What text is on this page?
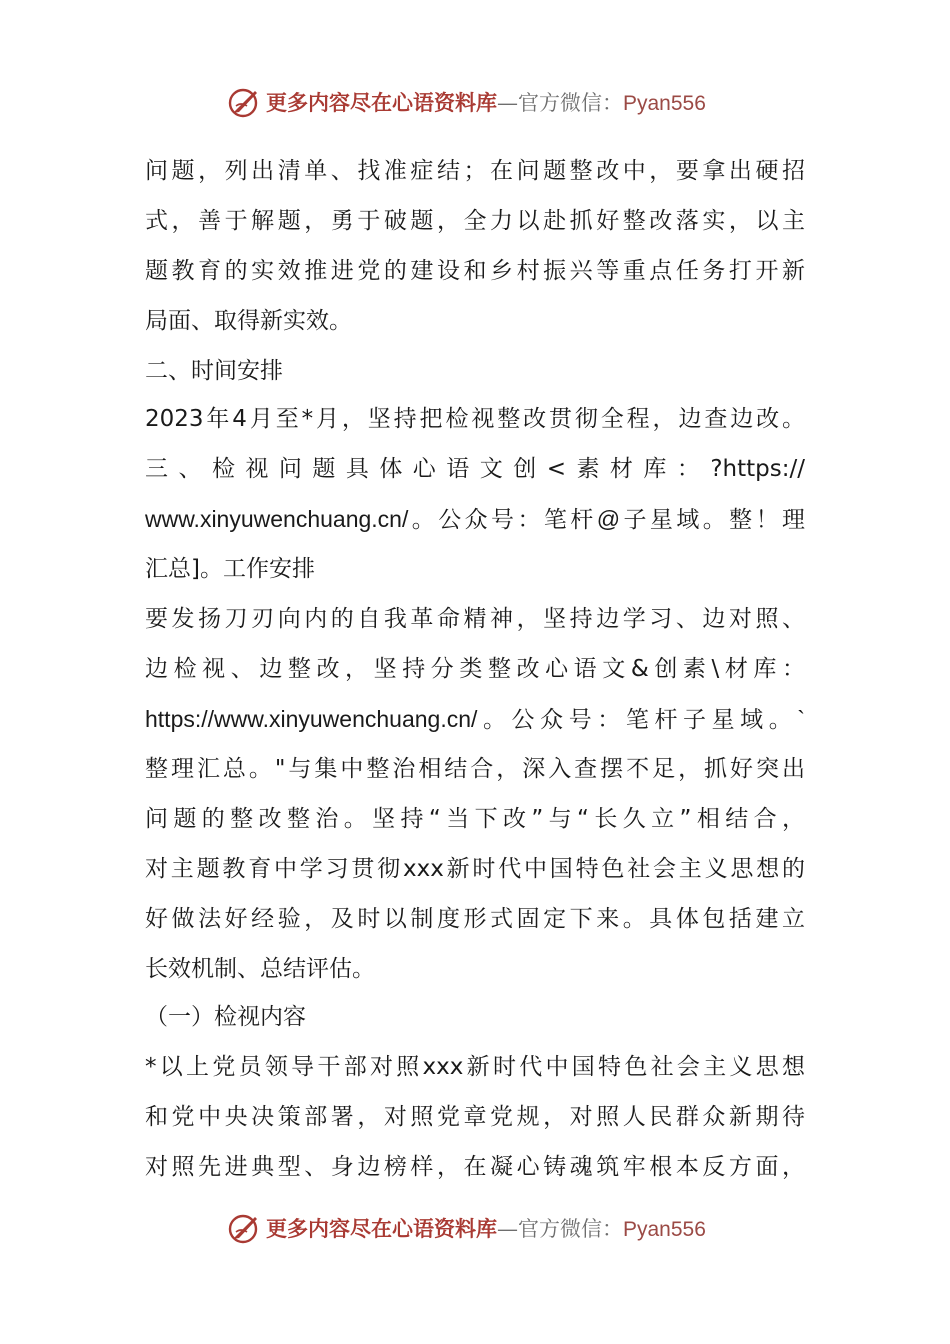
更多内容尽在心语资料库—官方微信：Pyan556
问题，列出清单、找准症结；在问题整改中，要拿出硬招
式，善于解题，勇于破题，全力以赴抓好整改落实，以主
题教育的实效推进党的建设和乡村振兴等重点任务打开新
局面、取得新实效。
二、时间安排
2023年4月至*月，坚持把检视整改贯彻全程，边查边改。
三、检视问题具体心语文创<素材库：?https://
www.xinyuwenchuang.cn/。公众号：笔杆@子星域。整！理
汇总]。工作安排
要发扬刀刃向内的自我革命精神，坚持边学习、边对照、
边检视、边整改，坚持分类整改心语文&创素\材库：
https://www.xinyuwenchuang.cn/。公众号：笔杆子星域。`
整理汇总。"与集中整治相结合，深入查摆不足，抓好突出
问题的整改整治。坚持“当下改”与“长久立”相结合，
对主题教育中学习贯彻xxx新时代中国特色社会主义思想的
好做法好经验，及时以制度形式固定下来。具体包括建立
长效机制、总结评估。
（一）检视内容
*以上党员领导干部对照xxx新时代中国特色社会主义思想
和党中央决策部署，对照党章党规，对照人民群众新期待
对照先进典型、身边榜样，在凝心铸魂筑牢根本反方面，
更多内容尽在心语资料库—官方微信：Pyan556
